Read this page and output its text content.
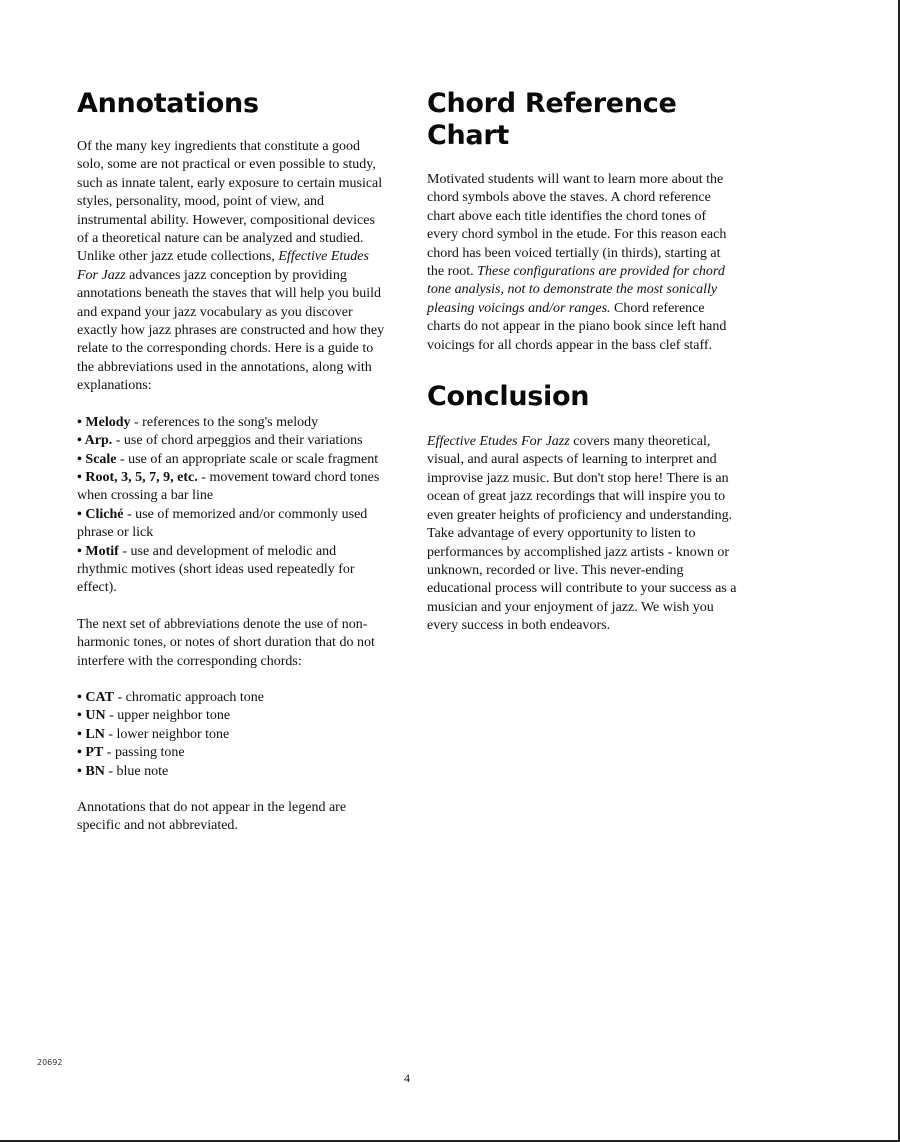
Annotations

Of the many key ingredients that constitute a good solo, some are not practical or even possible to study, such as innate talent, early exposure to certain musical styles, personality, mood, point of view, and instrumental ability. However, compositional devices of a theoretical nature can be analyzed and studied. Unlike other jazz etude collections, Effective Etudes For Jazz advances jazz conception by providing annotations beneath the staves that will help you build and expand your jazz vocabulary as you discover exactly how jazz phrases are constructed and how they relate to the corresponding chords. Here is a guide to the abbreviations used in the annotations, along with explanations:

• Melody - references to the song's melody
• Arp. - use of chord arpeggios and their variations
• Scale - use of an appropriate scale or scale fragment
• Root, 3, 5, 7, 9, etc. - movement toward chord tones when crossing a bar line
• Cliché - use of memorized and/or commonly used phrase or lick
• Motif - use and development of melodic and rhythmic motives (short ideas used repeatedly for effect).

The next set of abbreviations denote the use of non-harmonic tones, or notes of short duration that do not interfere with the corresponding chords:

• CAT - chromatic approach tone
• UN - upper neighbor tone
• LN - lower neighbor tone
• PT - passing tone
• BN - blue note

Annotations that do not appear in the legend are specific and not abbreviated.

Chord Reference
Chart

Motivated students will want to learn more about the chord symbols above the staves. A chord reference chart above each title identifies the chord tones of every chord symbol in the etude. For this reason each chord has been voiced tertially (in thirds), starting at the root. These configurations are provided for chord tone analysis, not to demonstrate the most sonically pleasing voicings and/or ranges. Chord reference charts do not appear in the piano book since left hand voicings for all chords appear in the bass clef staff.

Conclusion

Effective Etudes For Jazz covers many theoretical, visual, and aural aspects of learning to interpret and improvise jazz music. But don't stop here! There is an ocean of great jazz recordings that will inspire you to even greater heights of proficiency and understanding. Take advantage of every opportunity to listen to performances by accomplished jazz artists - known or unknown, recorded or live. This never-ending educational process will contribute to your success as a musician and your enjoyment of jazz. We wish you every success in both endeavors.

20692
4
